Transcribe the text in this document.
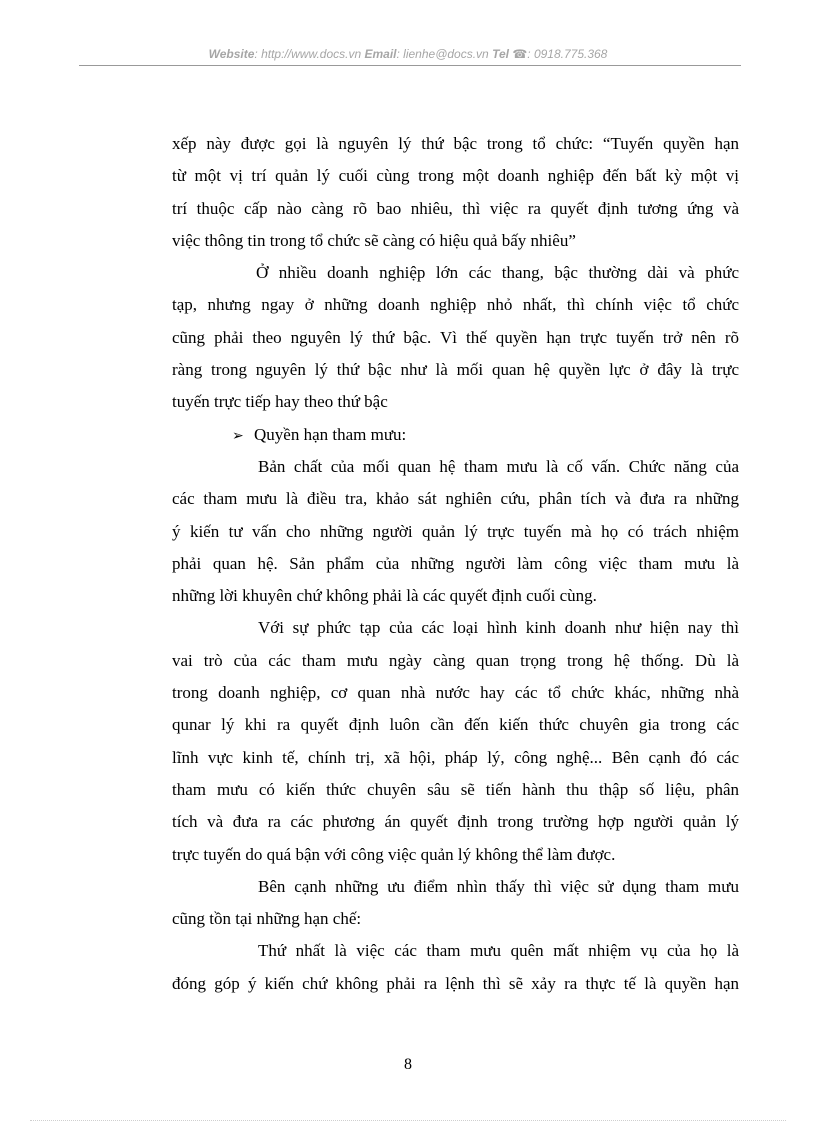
Website: http://www.docs.vn Email: lienhe@docs.vn Tel ☎: 0918.775.368
xếp này được gọi là nguyên lý thứ bậc trong tổ chức: “Tuyến quyền hạn
từ một vị trí quản lý cuối cùng trong một doanh nghiệp đến bất kỳ một vị
trí thuộc cấp nào càng rõ bao nhiêu, thì việc ra quyết định tương ứng và
việc thông tin trong tổ chức sẽ càng có hiệu quả bấy nhiêu”
Ở nhiều doanh nghiệp lớn các thang, bậc thường dài và phức
tạp, nhưng ngay ở những doanh nghiệp nhỏ nhất, thì chính việc tổ chức
cũng phải theo nguyên lý thứ bậc. Vì thế quyền hạn trực tuyến trở nên rõ
ràng trong nguyên lý thứ bậc như là mối quan hệ quyền lực ở đây là trực
tuyến trực tiếp hay theo thứ bậc
➢ Quyền hạn tham mưu:
Bản chất của mối quan hệ tham mưu là cố vấn. Chức năng của
các tham mưu là điều tra, khảo sát nghiên cứu, phân tích và đưa ra những
ý kiến tư vấn cho những người quản lý trực tuyến mà họ có trách nhiệm
phải quan hệ. Sản phẩm của những người làm công việc tham mưu là
những lời khuyên chứ không phải là các quyết định cuối cùng.
Với sự phức tạp của các loại hình kinh doanh như hiện nay thì
vai trò của các tham mưu ngày càng quan trọng trong hệ thống. Dù là
trong doanh nghiệp, cơ quan nhà nước hay các tổ chức khác, những nhà
qunar lý khi ra quyết định luôn cần đến kiến thức chuyên gia trong các
lĩnh vực kinh tế, chính trị, xã hội, pháp lý, công nghệ... Bên cạnh đó các
tham mưu có kiến thức chuyên sâu sẽ tiến hành thu thập số liệu, phân
tích và đưa ra các phương án quyết định trong trường hợp người quản lý
trực tuyến do quá bận với công việc quản lý không thể làm được.
Bên cạnh những ưu điểm nhìn thấy thì việc sử dụng tham mưu
cũng tồn tại những hạn chế:
Thứ nhất là việc các tham mưu quên mất nhiệm vụ của họ là
đóng góp ý kiến chứ không phải ra lệnh thì sẽ xảy ra thực tế là quyền hạn
8
